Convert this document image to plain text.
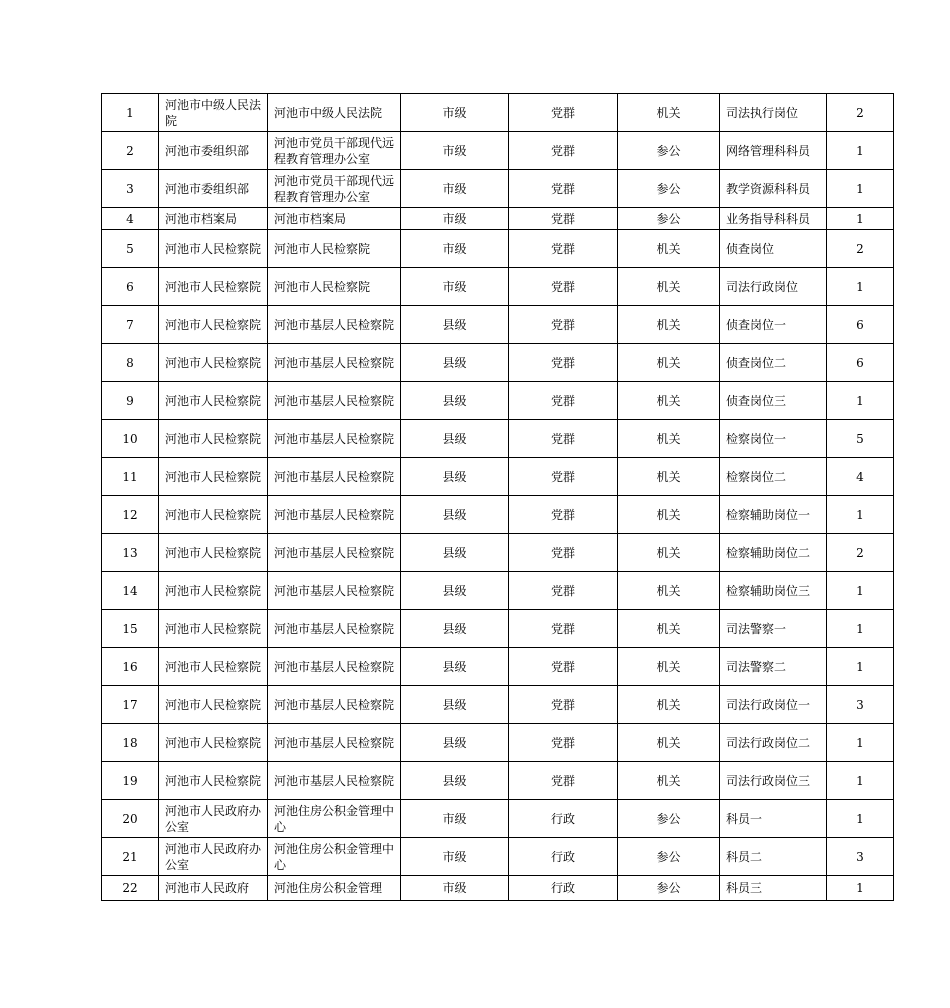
1	河池市中级人民法院	河池市中级人民法院	市级	党群	机关	司法执行岗位	2
2	河池市委组织部	河池市党员干部现代远程教育管理办公室	市级	党群	参公	网络管理科科员	1
3	河池市委组织部	河池市党员干部现代远程教育管理办公室	市级	党群	参公	教学资源科科员	1
4	河池市档案局	河池市档案局	市级	党群	参公	业务指导科科员	1
5	河池市人民检察院	河池市人民检察院	市级	党群	机关	侦查岗位	2
6	河池市人民检察院	河池市人民检察院	市级	党群	机关	司法行政岗位	1
7	河池市人民检察院	河池市基层人民检察院	县级	党群	机关	侦查岗位一	6
8	河池市人民检察院	河池市基层人民检察院	县级	党群	机关	侦查岗位二	6
9	河池市人民检察院	河池市基层人民检察院	县级	党群	机关	侦查岗位三	1
10	河池市人民检察院	河池市基层人民检察院	县级	党群	机关	检察岗位一	5
11	河池市人民检察院	河池市基层人民检察院	县级	党群	机关	检察岗位二	4
12	河池市人民检察院	河池市基层人民检察院	县级	党群	机关	检察辅助岗位一	1
13	河池市人民检察院	河池市基层人民检察院	县级	党群	机关	检察辅助岗位二	2
14	河池市人民检察院	河池市基层人民检察院	县级	党群	机关	检察辅助岗位三	1
15	河池市人民检察院	河池市基层人民检察院	县级	党群	机关	司法警察一	1
16	河池市人民检察院	河池市基层人民检察院	县级	党群	机关	司法警察二	1
17	河池市人民检察院	河池市基层人民检察院	县级	党群	机关	司法行政岗位一	3
18	河池市人民检察院	河池市基层人民检察院	县级	党群	机关	司法行政岗位二	1
19	河池市人民检察院	河池市基层人民检察院	县级	党群	机关	司法行政岗位三	1
20	河池市人民政府办公室	河池住房公积金管理中心	市级	行政	参公	科员一	1
21	河池市人民政府办公室	河池住房公积金管理中心	市级	行政	参公	科员二	3
22	河池市人民政府	河池住房公积金管理	市级	行政	参公	科员三	1
